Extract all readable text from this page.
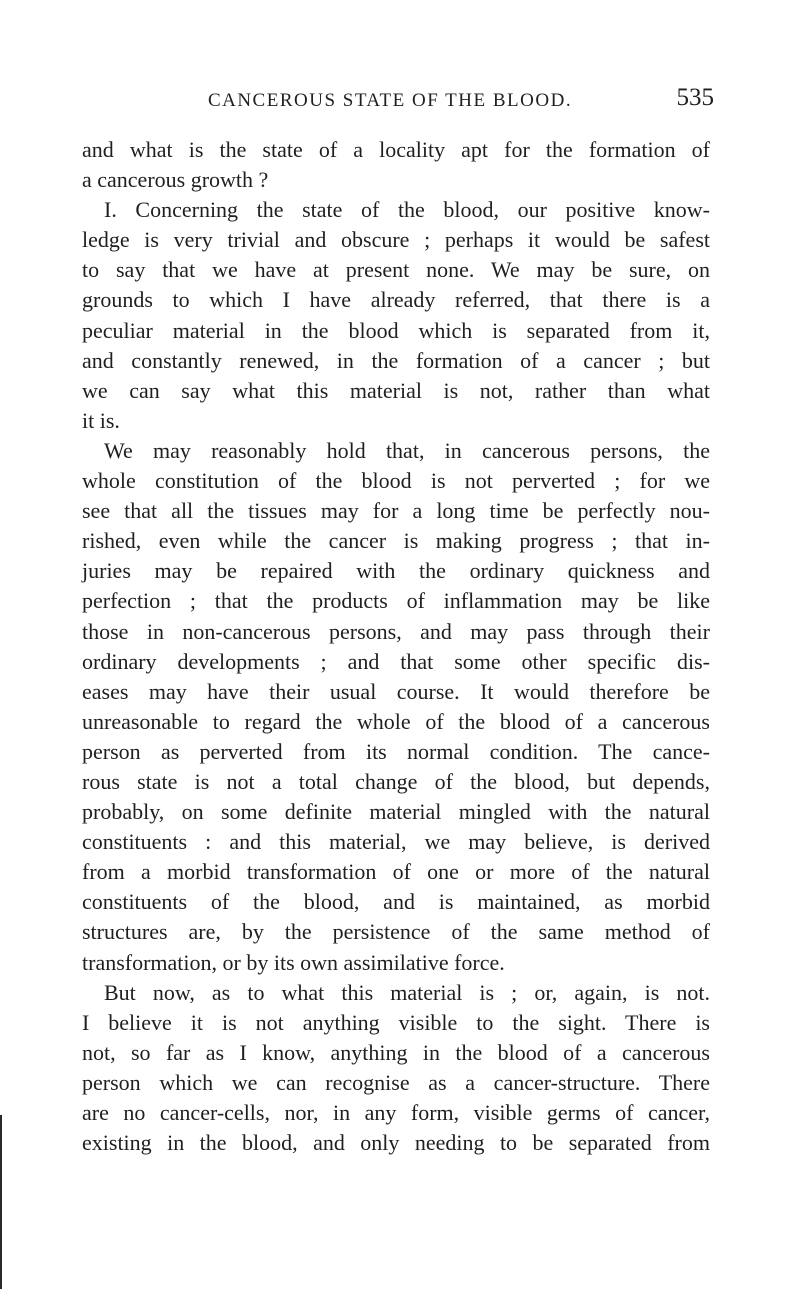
CANCEROUS STATE OF THE BLOOD.	535
and what is the state of a locality apt for the formation of
a cancerous growth ?
I. Concerning the state of the blood, our positive know-
ledge is very trivial and obscure ; perhaps it would be safest
to say that we have at present none. We may be sure, on
grounds to which I have already referred, that there is a
peculiar material in the blood which is separated from it,
and constantly renewed, in the formation of a cancer ; but
we can say what this material is not, rather than what
it is.
We may reasonably hold that, in cancerous persons, the
whole constitution of the blood is not perverted ; for we
see that all the tissues may for a long time be perfectly nou-
rished, even while the cancer is making progress ; that in-
juries may be repaired with the ordinary quickness and
perfection ; that the products of inflammation may be like
those in non-cancerous persons, and may pass through their
ordinary developments ; and that some other specific dis-
eases may have their usual course. It would therefore be
unreasonable to regard the whole of the blood of a cancerous
person as perverted from its normal condition. The cance-
rous state is not a total change of the blood, but depends,
probably, on some definite material mingled with the natural
constituents : and this material, we may believe, is derived
from a morbid transformation of one or more of the natural
constituents of the blood, and is maintained, as morbid
structures are, by the persistence of the same method of
transformation, or by its own assimilative force.
But now, as to what this material is ; or, again, is not.
I believe it is not anything visible to the sight. There is
not, so far as I know, anything in the blood of a cancerous
person which we can recognise as a cancer-structure. There
are no cancer-cells, nor, in any form, visible germs of cancer,
existing in the blood, and only needing to be separated from
